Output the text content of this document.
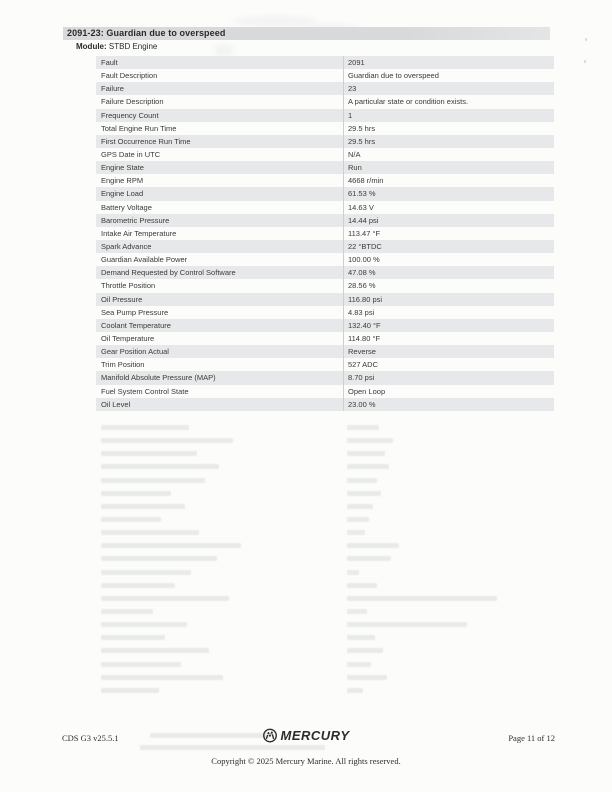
2091-23: Guardian due to overspeed
Module: STBD Engine
Fault	2091
Fault Description	Guardian due to overspeed
Failure	23
Failure Description	A particular state or condition exists.
Frequency Count	1
Total Engine Run Time	29.5 hrs
First Occurrence Run Time	29.5 hrs
GPS Date in UTC	N/A
Engine State	Run
Engine RPM	4668 r/min
Engine Load	61.53 %
Battery Voltage	14.63 V
Barometric Pressure	14.44 psi
Intake Air Temperature	113.47 °F
Spark Advance	22 °BTDC
Guardian Available Power	100.00 %
Demand Requested by Control Software	47.08 %
Throttle Position	28.56 %
Oil Pressure	116.80 psi
Sea Pump Pressure	4.83 psi
Coolant Temperature	132.40 °F
Oil Temperature	114.80 °F
Gear Position Actual	Reverse
Trim Position	527 ADC
Manifold Absolute Pressure (MAP)	8.70 psi
Fuel System Control State	Open Loop
Oil Level	23.00 %
CDS G3 v25.5.1	MERCURY	Page 11 of 12
Copyright © 2025 Mercury Marine. All rights reserved.
